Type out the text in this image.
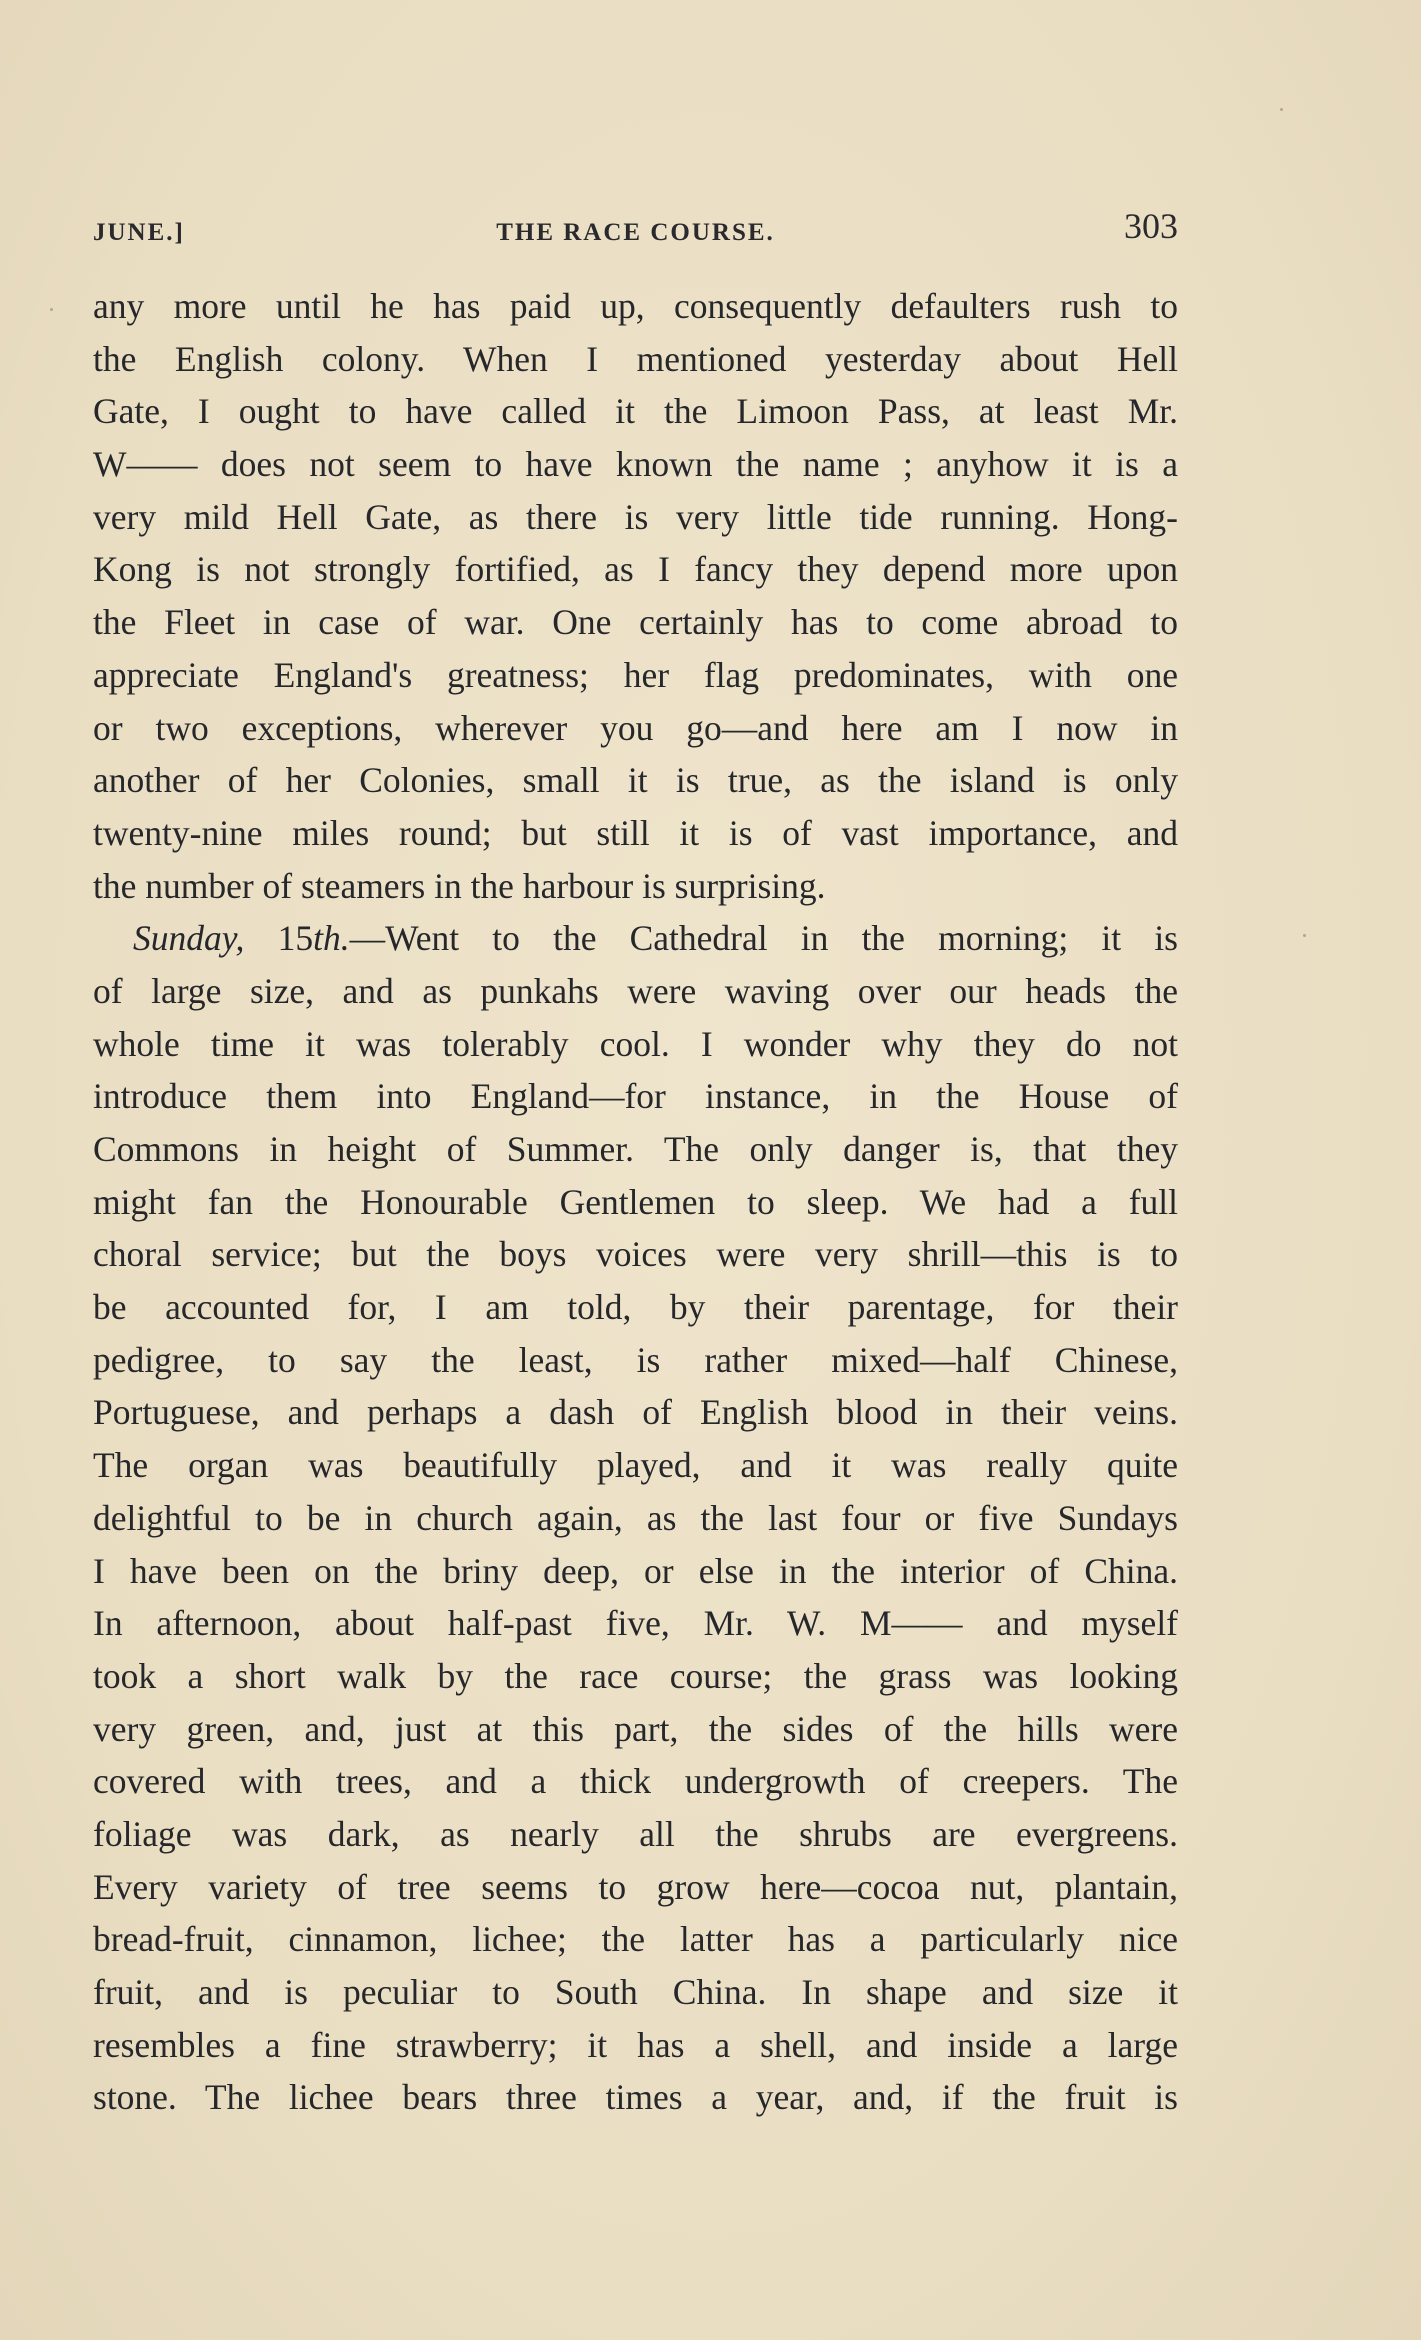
JUNE.]	THE RACE COURSE.	303
any more until he has paid up, consequently defaulters rush to
the English colony. When I mentioned yesterday about Hell
Gate, I ought to have called it the Limoon Pass, at least Mr.
W—— does not seem to have known the name ; anyhow it is a
very mild Hell Gate, as there is very little tide running. Hong-
Kong is not strongly fortified, as I fancy they depend more upon
the Fleet in case of war. One certainly has to come abroad to
appreciate England's greatness; her flag predominates, with one
or two exceptions, wherever you go—and here am I now in
another of her Colonies, small it is true, as the island is only
twenty-nine miles round; but still it is of vast importance, and
the number of steamers in the harbour is surprising.
Sunday, 15th.—Went to the Cathedral in the morning; it is
of large size, and as punkahs were waving over our heads the
whole time it was tolerably cool. I wonder why they do not
introduce them into England—for instance, in the House of
Commons in height of Summer. The only danger is, that they
might fan the Honourable Gentlemen to sleep. We had a full
choral service; but the boys voices were very shrill—this is to
be accounted for, I am told, by their parentage, for their
pedigree, to say the least, is rather mixed—half Chinese,
Portuguese, and perhaps a dash of English blood in their veins.
The organ was beautifully played, and it was really quite
delightful to be in church again, as the last four or five Sundays
I have been on the briny deep, or else in the interior of China.
In afternoon, about half-past five, Mr. W. M—— and myself
took a short walk by the race course; the grass was looking
very green, and, just at this part, the sides of the hills were
covered with trees, and a thick undergrowth of creepers. The
foliage was dark, as nearly all the shrubs are evergreens.
Every variety of tree seems to grow here—cocoa nut, plantain,
bread-fruit, cinnamon, lichee; the latter has a particularly nice
fruit, and is peculiar to South China. In shape and size it
resembles a fine strawberry; it has a shell, and inside a large
stone. The lichee bears three times a year, and, if the fruit is
